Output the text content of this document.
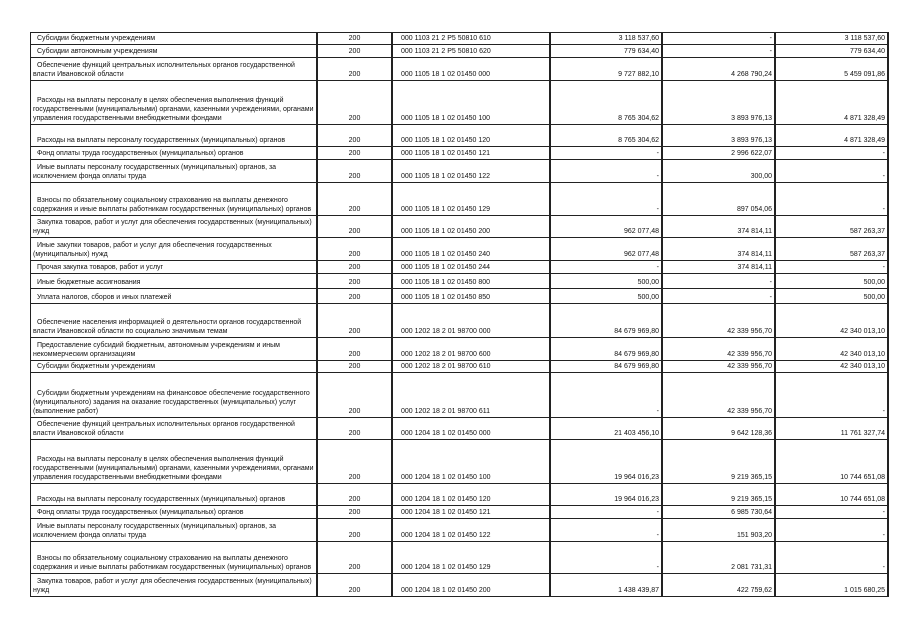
Субсидии бюджетным учреждениям	200	000 1103 21 2 P5 50810 610	3 118 537,60	-	3 118 537,60
Субсидии автономным учреждениям	200	000 1103 21 2 P5 50810 620	779 634,40	-	779 634,40
Обеспечение функций центральных исполнительных органов государственной власти Ивановской области	200	000 1105 18 1 02 01450 000	9 727 882,10	4 268 790,24	5 459 091,86
Расходы на выплаты персоналу в целях обеспечения выполнения функций государственными (муниципальными) органами, казенными учреждениями, органами управления государственными внебюджетными фондами	200	000 1105 18 1 02 01450 100	8 765 304,62	3 893 976,13	4 871 328,49
Расходы на выплаты персоналу государственных (муниципальных) органов	200	000 1105 18 1 02 01450 120	8 765 304,62	3 893 976,13	4 871 328,49
Фонд оплаты труда государственных (муниципальных) органов	200	000 1105 18 1 02 01450 121	-	2 996 622,07	-
Иные выплаты персоналу государственных (муниципальных) органов, за исключением фонда оплаты труда	200	000 1105 18 1 02 01450 122	-	300,00	-
Взносы по обязательному социальному страхованию на выплаты денежного содержания и иные выплаты работникам государственных (муниципальных) органов	200	000 1105 18 1 02 01450 129	-	897 054,06	-
Закупка товаров, работ и услуг для обеспечения государственных (муниципальных) нужд	200	000 1105 18 1 02 01450 200	962 077,48	374 814,11	587 263,37
Иные закупки товаров, работ и услуг для обеспечения государственных (муниципальных) нужд	200	000 1105 18 1 02 01450 240	962 077,48	374 814,11	587 263,37
Прочая закупка товаров, работ и услуг	200	000 1105 18 1 02 01450 244	-	374 814,11	-
Иные бюджетные ассигнования	200	000 1105 18 1 02 01450 800	500,00	-	500,00
Уплата налогов, сборов и иных платежей	200	000 1105 18 1 02 01450 850	500,00	-	500,00
Обеспечение населения информацией о деятельности органов государственной власти Ивановской области по социально значимым темам	200	000 1202 18 2 01 98700 000	84 679 969,80	42 339 956,70	42 340 013,10
Предоставление субсидий бюджетным, автономным учреждениям и иным некоммерческим организациям	200	000 1202 18 2 01 98700 600	84 679 969,80	42 339 956,70	42 340 013,10
Субсидии бюджетным учреждениям	200	000 1202 18 2 01 98700 610	84 679 969,80	42 339 956,70	42 340 013,10
Субсидии бюджетным учреждениям на финансовое обеспечение государственного (муниципального) задания на оказание государственных (муниципальных) услуг (выполнение работ)	200	000 1202 18 2 01 98700 611	-	42 339 956,70	-
Обеспечение функций центральных исполнительных органов государственной власти Ивановской области	200	000 1204 18 1 02 01450 000	21 403 456,10	9 642 128,36	11 761 327,74
Расходы на выплаты персоналу в целях обеспечения выполнения функций государственными (муниципальными) органами, казенными учреждениями, органами управления государственными внебюджетными фондами	200	000 1204 18 1 02 01450 100	19 964 016,23	9 219 365,15	10 744 651,08
Расходы на выплаты персоналу государственных (муниципальных) органов	200	000 1204 18 1 02 01450 120	19 964 016,23	9 219 365,15	10 744 651,08
Фонд оплаты труда государственных (муниципальных) органов	200	000 1204 18 1 02 01450 121	-	6 985 730,64	-
Иные выплаты персоналу государственных (муниципальных) органов, за исключением фонда оплаты труда	200	000 1204 18 1 02 01450 122	-	151 903,20	-
Взносы по обязательному социальному страхованию на выплаты денежного содержания и иные выплаты работникам государственных (муниципальных) органов	200	000 1204 18 1 02 01450 129	-	2 081 731,31	-
Закупка товаров, работ и услуг для обеспечения государственных (муниципальных) нужд	200	000 1204 18 1 02 01450 200	1 438 439,87	422 759,62	1 015 680,25
